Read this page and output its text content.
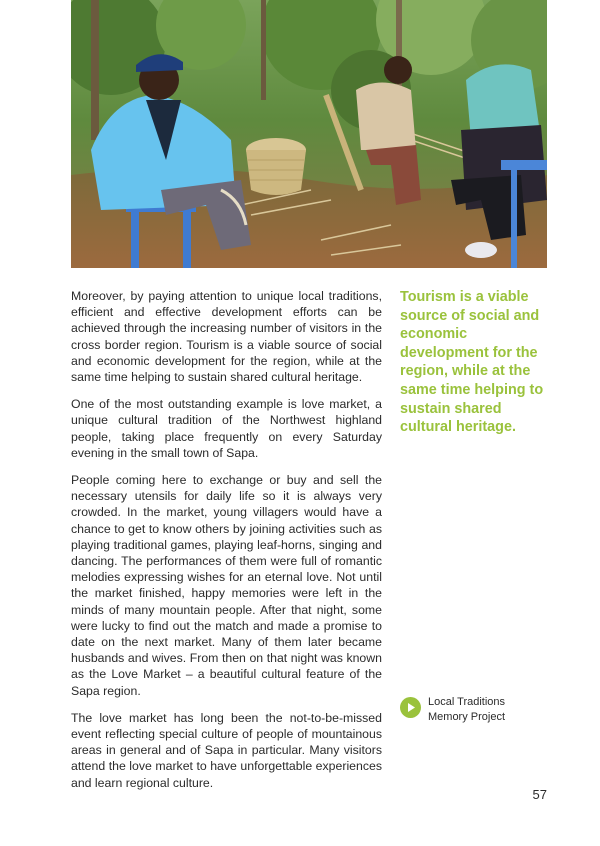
Moreover, by paying attention to unique local traditions, efficient and effective development efforts can be achieved through the increasing number of visitors in the cross border region. Tourism is a viable source of social and economic development for the region, while at the same time helping to sustain shared cultural heritage.

One of the most outstanding example is love market, a unique cultural tradition of the Northwest highland people, taking place frequently on every Saturday evening in the small town of Sapa.

People coming here to exchange or buy and sell the necessary utensils for daily life so it is always very crowded. In the market, young villagers would have a chance to get to know others by joining activities such as playing traditional games, playing leaf-horns, singing and dancing. The performances of them were full of romantic melodies expressing wishes for an eternal love. Not until the market finished, happy memories were left in the minds of many mountain people. After that night, some were lucky to find out the match and made a promise to date on the next market. Many of them later became husbands and wives. From then on that night was known as the Love Market – a beautiful cultural feature of the Sapa region.

The love market has long been the not-to-be-missed event reflecting special culture of people of mountainous areas in general and of Sapa in particular. Many visitors attend the love market to have unforgettable experiences and learn regional culture.

Tourism is a viable source of social and economic development for the region, while at the same time helping to sustain shared cultural heritage.

Local Traditions Memory Project
57
